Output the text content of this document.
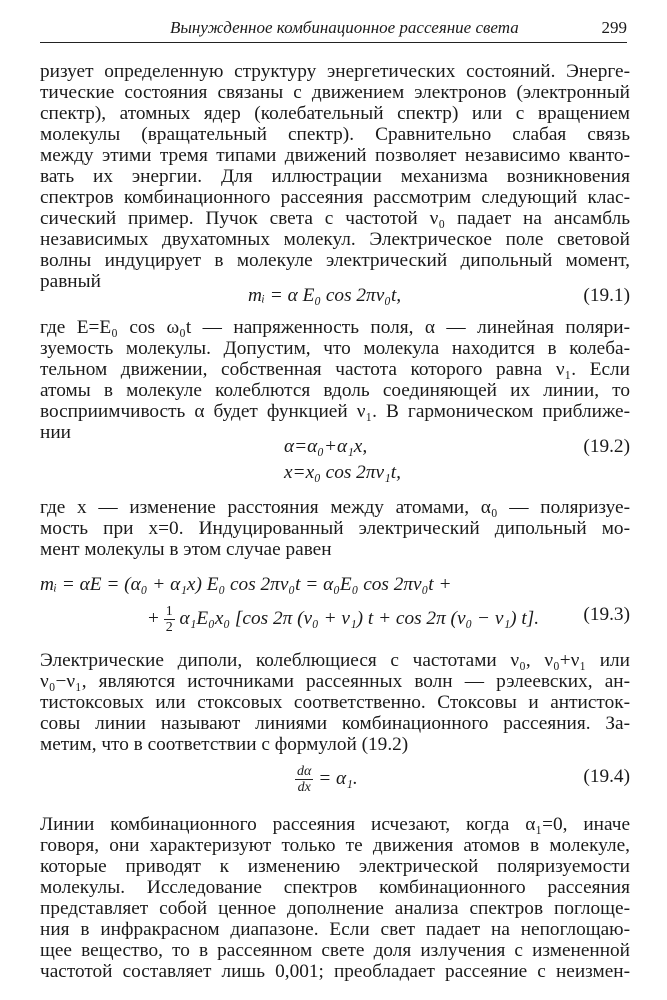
Вынужденное комбинационное рассеяние света	299
ризует определенную структуру энергетических состояний. Энерге-
тические состояния связаны с движением электронов (электронный
спектр), атомных ядер (колебательный спектр) или с вращением
молекулы (вращательный спектр). Сравнительно слабая связь
между этими тремя типами движений позволяет независимо кванто-
вать их энергии. Для иллюстрации механизма возникновения
спектров комбинационного рассеяния рассмотрим следующий клас-
сический пример. Пучок света с частотой ν₀ падает на ансамбль
независимых двухатомных молекул. Электрическое поле световой
волны индуцирует в молекуле электрический дипольный момент,
равный
mᵢ = α E₀ cos 2πν₀t,	(19.1)
где E=E₀ cos ω₀t — напряженность поля, α — линейная поляри-
зуемость молекулы. Допустим, что молекула находится в колеба-
тельном движении, собственная частота которого равна ν₁. Если
атомы в молекуле колеблются вдоль соединяющей их линии, то
восприимчивость α будет функцией ν₁. В гармоническом приближе-
нии
α=α₀+α₁x,
x=x₀ cos 2πν₁t,
(19.2)
где x — изменение расстояния между атомами, α₀ — поляризуе-
мость при x=0. Индуцированный электрический дипольный мо-
мент молекулы в этом случае равен
mᵢ = αE = (α₀ + α₁x) E₀ cos 2πν₀t = α₀E₀ cos 2πν₀t +
+ $\frac{1}{2} \alpha_1E_0x_0$ [cos 2π (ν₀ + ν₁) t + cos 2π (ν₀ − ν₁) t]. (19.3)
Электрические диполи, колеблющиеся с частотами ν₀, ν₀+ν₁ или
ν₀−ν₁, являются источниками рассеянных волн — рэлеевских, ан-
тистоксовых или стоксовых соответственно. Стоксовы и антисток-
совы линии называют линиями комбинационного рассеяния. За-
метим, что в соответствии с формулой (19.2)
$\frac{d\alpha}{dx} = \alpha_1$.	(19.4)
Линии комбинационного рассеяния исчезают, когда α₁=0, иначе
говоря, они характеризуют только те движения атомов в молекуле,
которые приводят к изменению электрической поляризуемости
молекулы. Исследование спектров комбинационного рассеяния
представляет собой ценное дополнение анализа спектров поглоще-
ния в инфракрасном диапазоне. Если свет падает на непоглощаю-
щее вещество, то в рассеянном свете доля излучения с измененной
частотой составляет лишь 0,001; преобладает рассеяние с неизмен-
